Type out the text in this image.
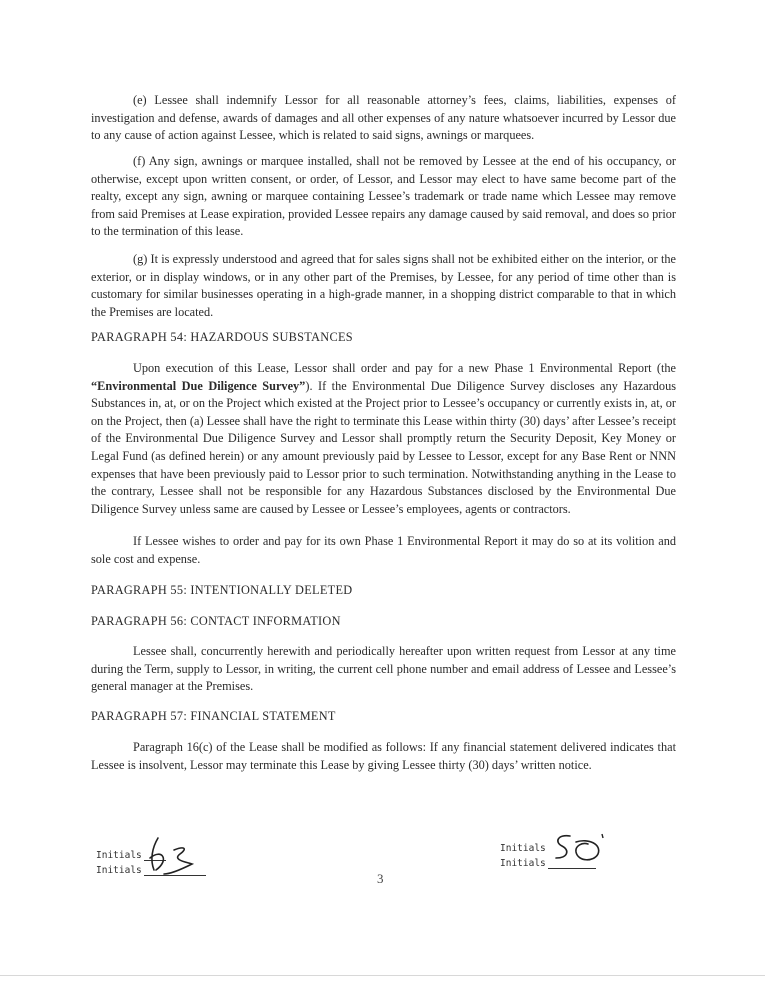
(e) Lessee shall indemnify Lessor for all reasonable attorney’s fees, claims, liabilities, expenses of investigation and defense, awards of damages and all other expenses of any nature whatsoever incurred by Lessor due to any cause of action against Lessee, which is related to said signs, awnings or marquees.

(f) Any sign, awnings or marquee installed, shall not be removed by Lessee at the end of his occupancy, or otherwise, except upon written consent, or order, of Lessor, and Lessor may elect to have same become part of the realty, except any sign, awning or marquee containing Lessee’s trademark or trade name which Lessee may remove from said Premises at Lease expiration, provided Lessee repairs any damage caused by said removal, and does so prior to the termination of this lease.

(g) It is expressly understood and agreed that for sales signs shall not be exhibited either on the interior, or the exterior, or in display windows, or in any other part of the Premises, by Lessee, for any period of time other than is customary for similar businesses operating in a high-grade manner, in a shopping district comparable to that in which the Premises are located.

PARAGRAPH 54: HAZARDOUS SUBSTANCES

Upon execution of this Lease, Lessor shall order and pay for a new Phase 1 Environmental Report (the “Environmental Due Diligence Survey”). If the Environmental Due Diligence Survey discloses any Hazardous Substances in, at, or on the Project which existed at the Project prior to Lessee’s occupancy or currently exists in, at, or on the Project, then (a) Lessee shall have the right to terminate this Lease within thirty (30) days’ after Lessee’s receipt of the Environmental Due Diligence Survey and Lessor shall promptly return the Security Deposit, Key Money or Legal Fund (as defined herein) or any amount previously paid by Lessee to Lessor, except for any Base Rent or NNN expenses that have been previously paid to Lessor prior to such termination. Notwithstanding anything in the Lease to the contrary, Lessee shall not be responsible for any Hazardous Substances disclosed by the Environmental Due Diligence Survey unless same are caused by Lessee or Lessee’s employees, agents or contractors.

If Lessee wishes to order and pay for its own Phase 1 Environmental Report it may do so at its volition and sole cost and expense.

PARAGRAPH 55: INTENTIONALLY DELETED

PARAGRAPH 56: CONTACT INFORMATION

Lessee shall, concurrently herewith and periodically hereafter upon written request from Lessor at any time during the Term, supply to Lessor, in writing, the current cell phone number and email address of Lessee and Lessee’s general manager at the Premises.

PARAGRAPH 57: FINANCIAL STATEMENT

Paragraph 16(c) of the Lease shall be modified as follows: If any financial statement delivered indicates that Lessee is insolvent, Lessor may terminate this Lease by giving Lessee thirty (30) days’ written notice.

Initials
Initials
Initials
Initials
3
